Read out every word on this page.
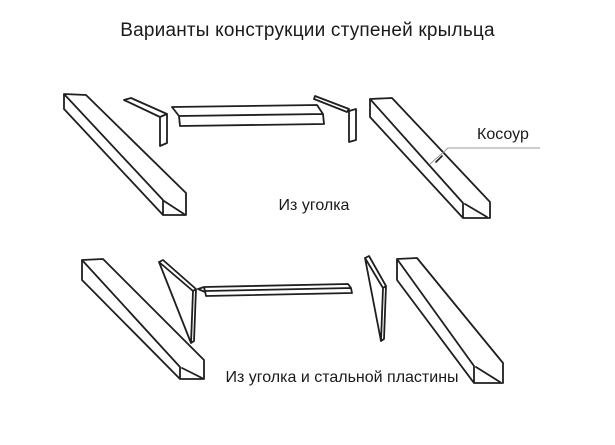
Варианты конструкции ступеней крыльца
Косоур
Из уголка
Из уголка и стальной пластины
